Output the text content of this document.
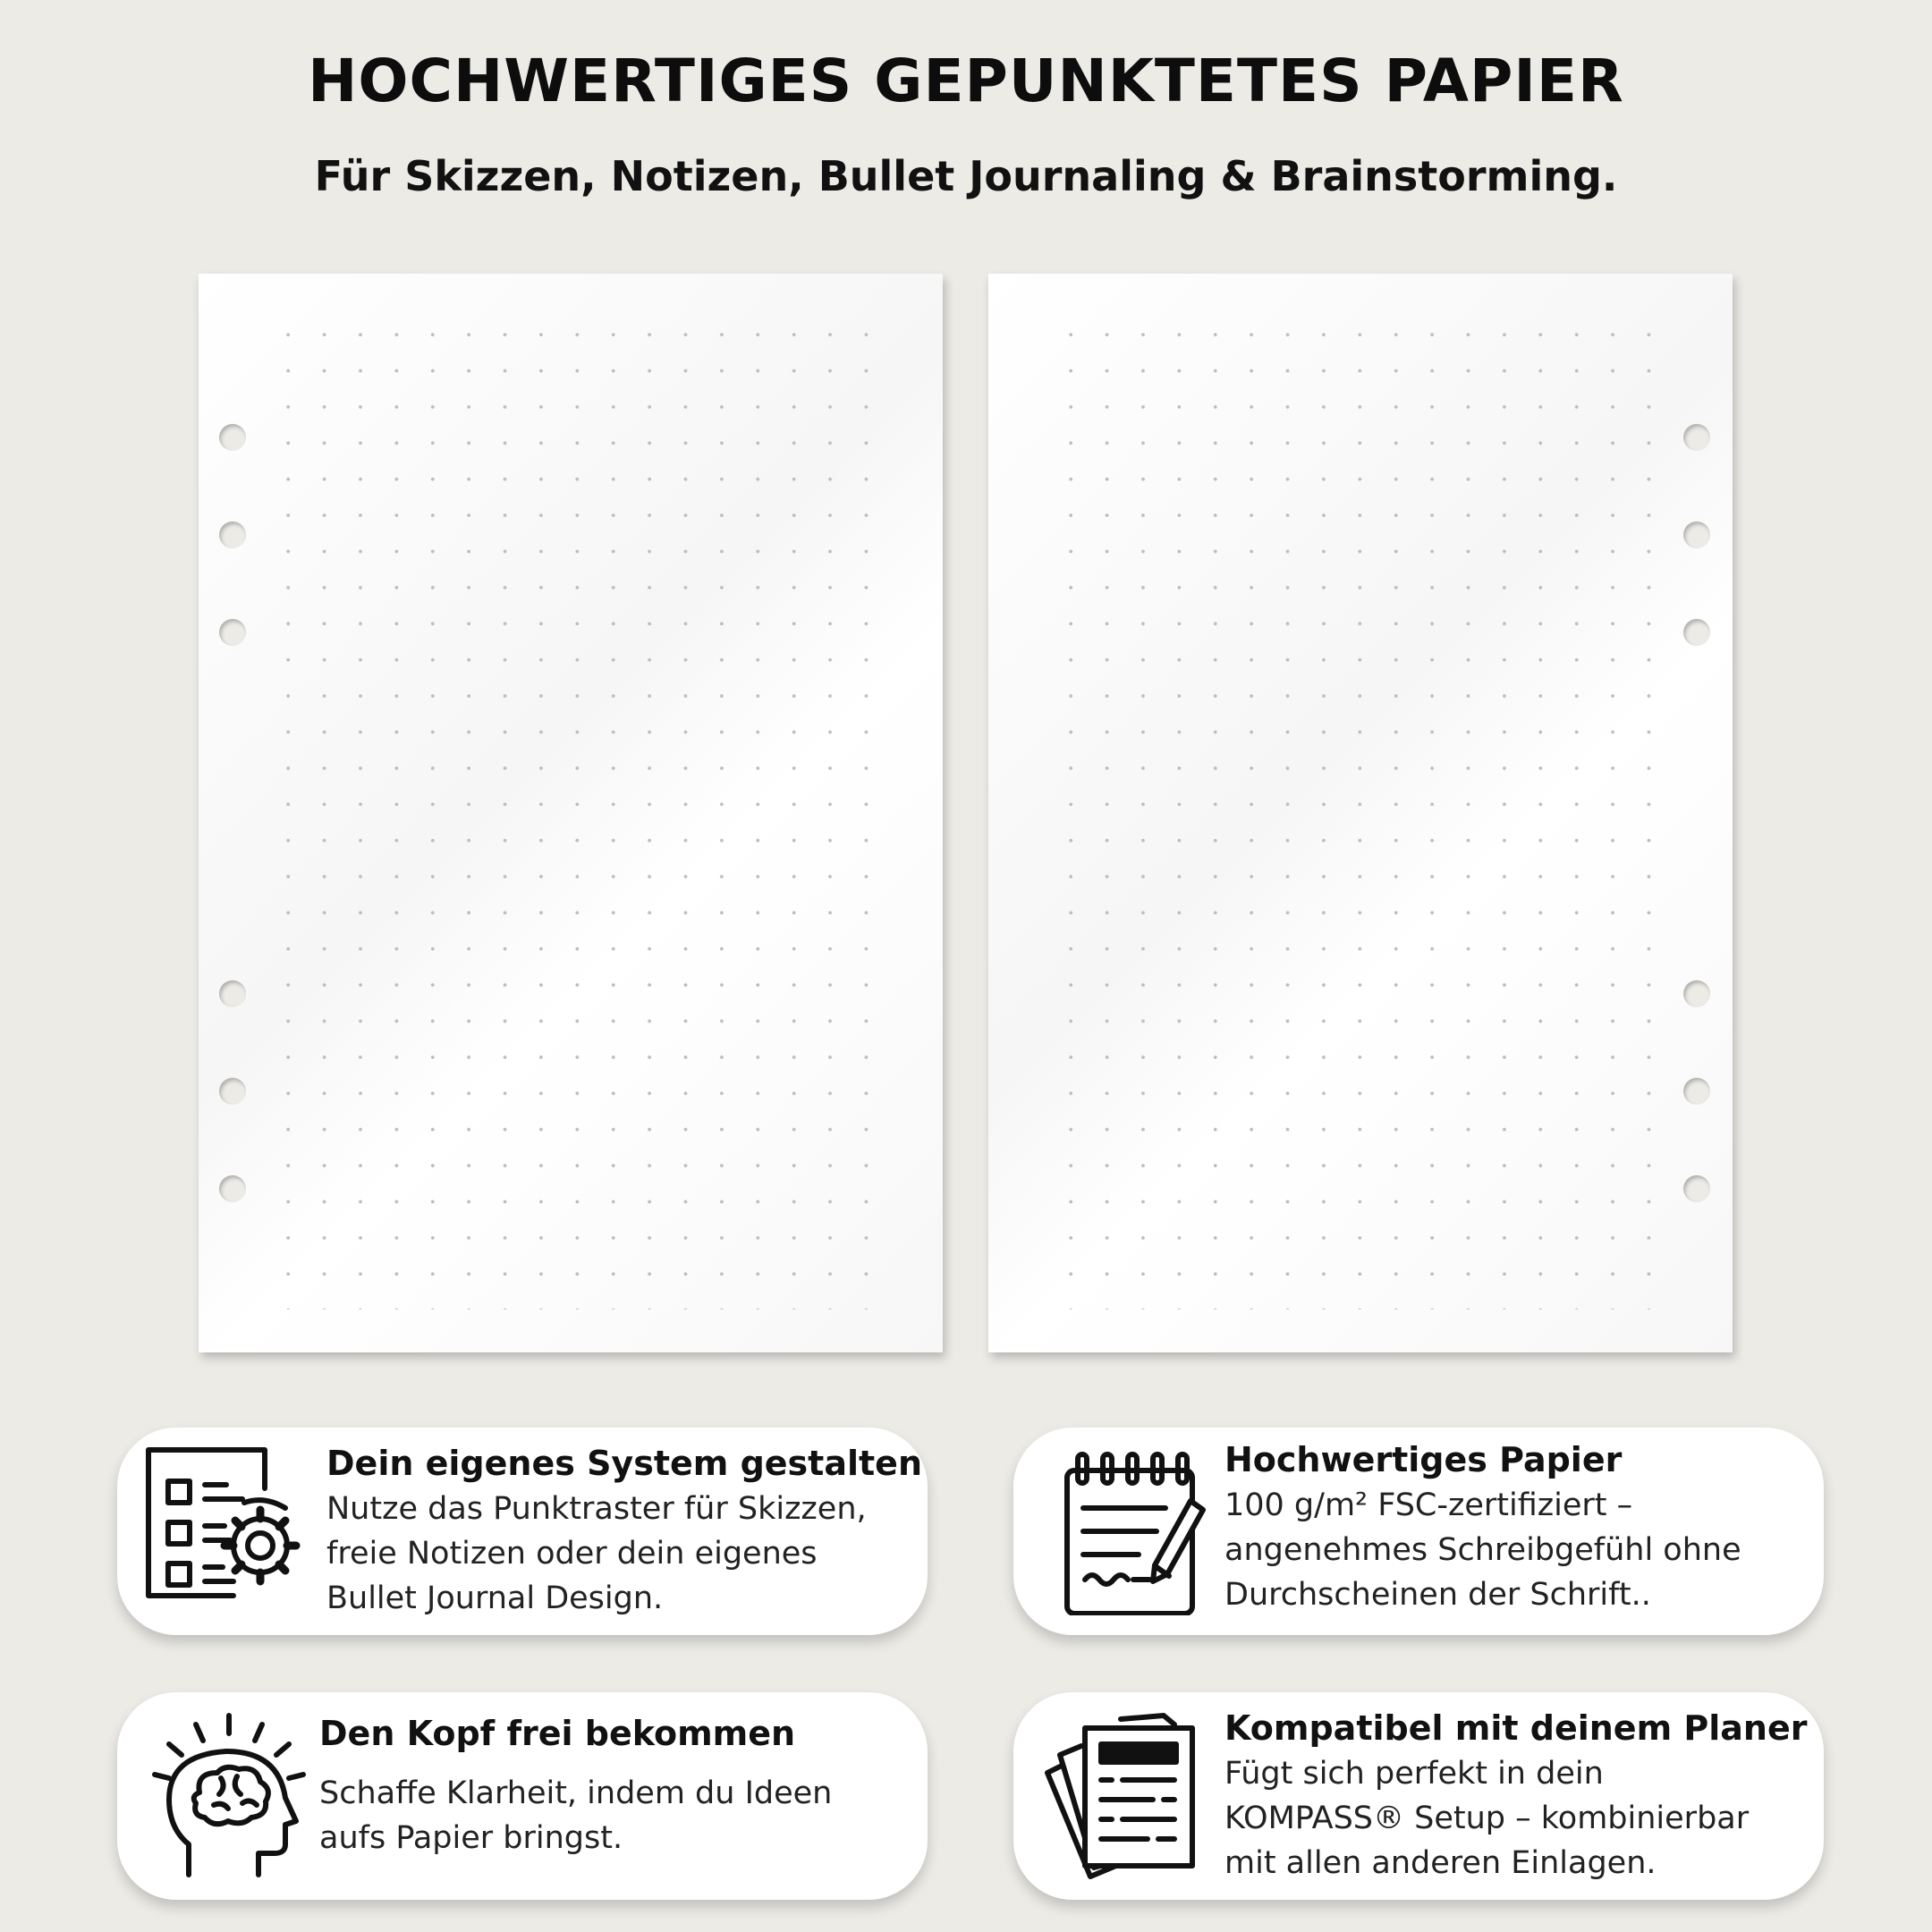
HOCHWERTIGES GEPUNKTETES PAPIER
Für Skizzen, Notizen, Bullet Journaling & Brainstorming.
Dein eigenes System gestalten
Nutze das Punktraster für Skizzen,
freie Notizen oder dein eigenes
Bullet Journal Design.
Hochwertiges Papier
100 g/m² FSC-zertifiziert –
angenehmes Schreibgefühl ohne
Durchscheinen der Schrift..
Den Kopf frei bekommen
Schaffe Klarheit, indem du Ideen
aufs Papier bringst.
Kompatibel mit deinem Planer
Fügt sich perfekt in dein
KOMPASS® Setup – kombinierbar
mit allen anderen Einlagen.
